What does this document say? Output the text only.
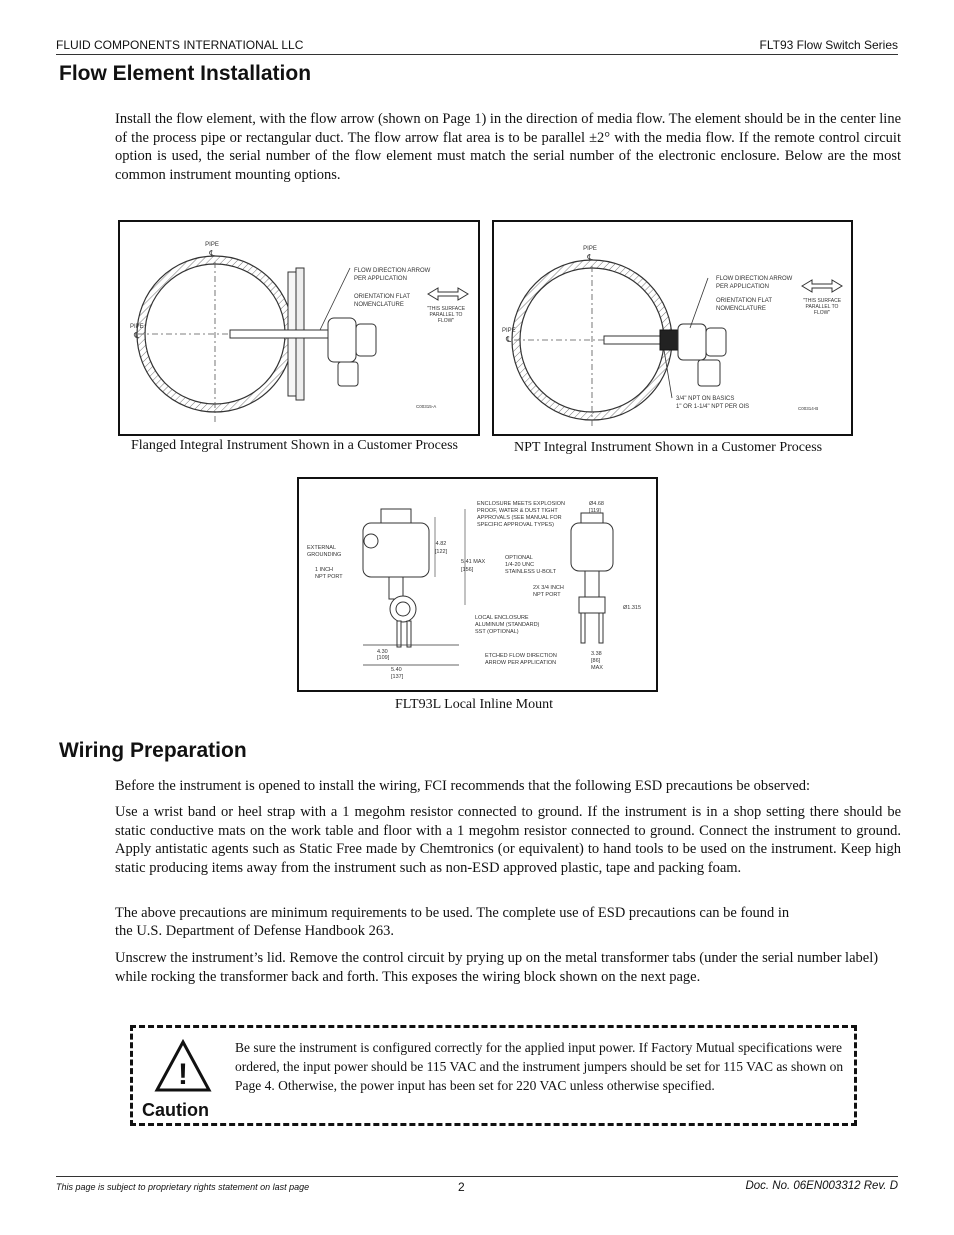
FLUID COMPONENTS INTERNATIONAL LLC	FLT93 Flow Switch Series
Flow Element Installation

Install the flow element, with the flow arrow (shown on Page 1) in the direction of media flow. The element should be in the center line of the process pipe or rectangular duct. The flow arrow flat area is to be parallel ±2° with the media flow. If the remote control circuit option is used, the serial number of the flow element must match the serial number of the electronic enclosure. Below are the most common instrument mounting options.

PIPE
℄
PIPE
℄
FLOW DIRECTION ARROW
PER APPLICATION
ORIENTATION FLAT
NOMENCLATURE
"THIS SURFACE
PARALLEL TO
FLOW"
C00315-A
Flanged Integral Instrument Shown in a Customer Process
PIPE
℄
PIPE
℄
FLOW DIRECTION ARROW
PER APPLICATION
ORIENTATION FLAT
NOMENCLATURE
"THIS SURFACE
PARALLEL TO
FLOW"
3/4" NPT ON BASICS
1" OR 1-1/4" NPT PER OIS	C00314-B
NPT Integral Instrument Shown in a Customer Process
4.82
[122]
5.41 MAX
[156]
EXTERNAL
GROUNDING
1 INCH
NPT PORT
4.30
[109]
5.40
[137]
LOCAL ENCLOSURE
ALUMINUM (STANDARD)
SST (OPTIONAL)
ENCLOSURE MEETS EXPLOSION
PROOF, WATER & DUST TIGHT
APPROVALS (SEE MANUAL FOR
SPECIFIC APPROVAL TYPES)
Ø4.68
[119]
OPTIONAL
1/4-20 UNC
STAINLESS U-BOLT
2X 3/4 INCH
NPT PORT
Ø1.315
ETCHED FLOW DIRECTION
ARROW PER APPLICATION
3.38
[86]
MAX
FLT93L Local Inline Mount
Wiring Preparation

Before the instrument is opened to install the wiring, FCI recommends that the following ESD precautions be observed:

Use a wrist band or heel strap with a 1 megohm resistor connected to ground. If the instrument is in a shop setting there should be static conductive mats on the work table and floor with a 1 megohm resistor connected to ground. Connect the instrument to ground. Apply antistatic agents such as Static Free made by Chemtronics (or equivalent) to hand tools to be used on the instrument. Keep high static producing items away from the instrument such as non-ESD approved plastic, tape and packing foam.

The above precautions are minimum requirements to be used. The complete use of ESD precautions can be found in

the U.S. Department of Defense Handbook 263.

Unscrew the instrument’s lid. Remove the control circuit by prying up on the metal transformer tabs (under the serial number label) while rocking the transformer back and forth. This exposes the wiring block shown on the next page.

!
Caution

Be sure the instrument is configured correctly for the applied input power. If Factory Mutual specifications were ordered, the input power should be 115 VAC and the instrument jumpers should be set for 115 VAC as shown on Page 4. Otherwise, the power input has been set for 220 VAC unless otherwise specified.

This page is subject to proprietary rights statement on last page	2	Doc. No. 06EN003312 Rev. D
